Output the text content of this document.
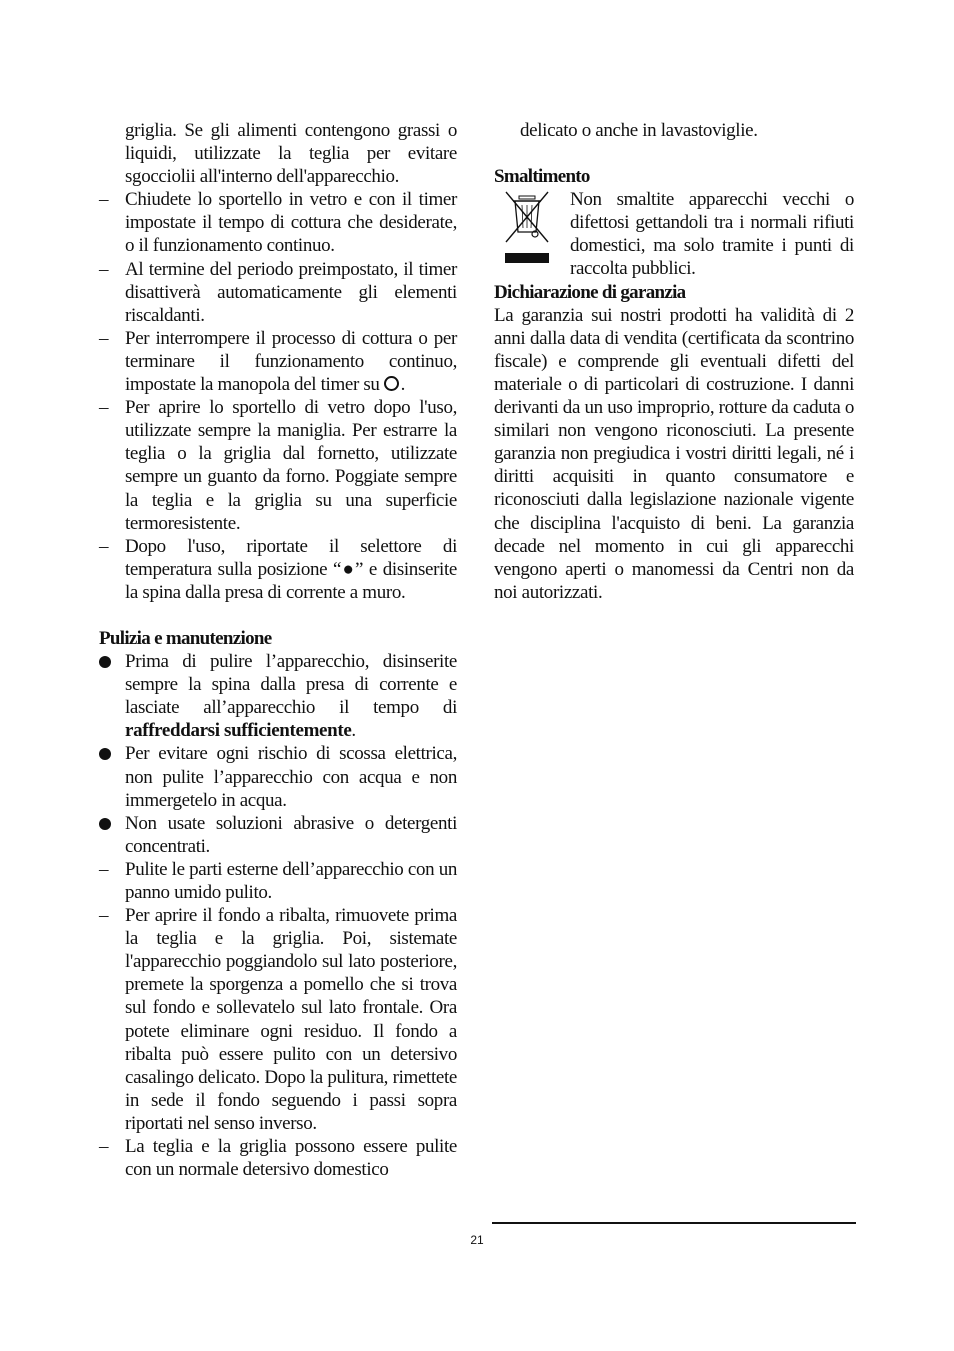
griglia. Se gli alimenti contengono grassi o liquidi, utilizzate la teglia per evitare sgocciolii all'interno dell'apparecchio.

– Chiudete lo sportello in vetro e con il timer impostate il tempo di cottura che desiderate, o il funzionamento continuo.
– Al termine del periodo preimpostato, il timer disattiverà automaticamente gli elementi riscaldanti.
– Per interrompere il processo di cottura o per terminare il funzionamento continuo, impostate la manopola del timer su .
– Per aprire lo sportello di vetro dopo l'uso, utilizzate sempre la maniglia. Per estrarre la teglia o la griglia dal fornetto, utilizzate sempre un guanto da forno. Poggiate sempre la teglia e la griglia su una superficie termoresistente.
– Dopo l'uso, riportate il selettore di temperatura sulla posizione “●” e disinserite la spina dalla presa di corrente a muro.

Pulizia e manutenzione

Prima di pulire l’apparecchio, disinserite sempre la spina dalla presa di corrente e lasciate all’apparecchio il tempo di raffreddarsi sufficientemente.
Per evitare ogni rischio di scossa elettrica, non pulite l’apparecchio con acqua e non immergetelo in acqua.
Non usate soluzioni abrasive o detergenti concentrati.
– Pulite le parti esterne dell’apparecchio con un panno umido pulito.
– Per aprire il fondo a ribalta, rimuovete prima la teglia e la griglia. Poi, sistemate l'apparecchio poggiandolo sul lato posteriore, premete la sporgenza a pomello che si trova sul fondo e sollevatelo sul lato frontale. Ora potete eliminare ogni residuo. Il fondo a ribalta può essere pulito con un detersivo casalingo delicato. Dopo la pulitura, rimettete in sede il fondo seguendo i passi sopra riportati nel senso inverso.
– La teglia e la griglia possono essere pulite con un normale detersivo domestico

delicato o anche in lavastoviglie.

Smaltimento

Non smaltite apparecchi vecchi o difettosi gettandoli tra i normali rifiuti domestici, ma solo tramite i punti di raccolta pubblici.

Dichiarazione di garanzia

La garanzia sui nostri prodotti ha validità di 2 anni dalla data di vendita (certificata da scontrino fiscale) e comprende gli eventuali difetti del materiale o di particolari di costruzione. I danni derivanti da un uso improprio, rotture da caduta o similari non vengono riconosciuti. La presente garanzia non pregiudica i vostri diritti legali, né i diritti acquisiti in quanto consumatore e riconosciuti dalla legislazione nazionale vigente che disciplina l'acquisto di beni. La garanzia decade nel momento in cui gli apparecchi vengono aperti o manomessi da Centri non da noi autorizzati.

21
